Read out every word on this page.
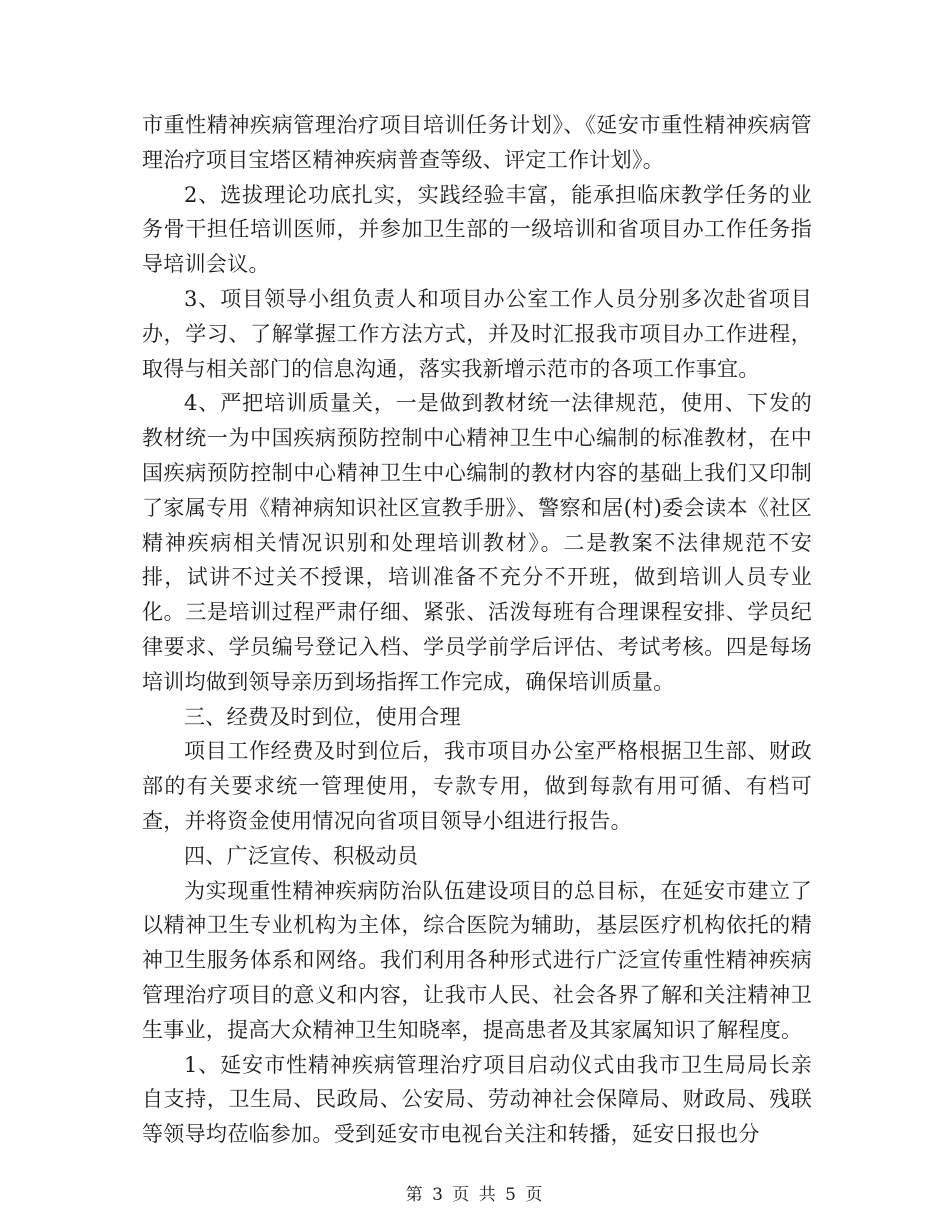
市重性精神疾病管理治疗项目培训任务计划》、《延安市重性精神疾病管理治疗项目宝塔区精神疾病普查等级、评定工作计划》。

2、选拔理论功底扎实，实践经验丰富，能承担临床教学任务的业务骨干担任培训医师，并参加卫生部的一级培训和省项目办工作任务指导培训会议。

3、项目领导小组负责人和项目办公室工作人员分别多次赴省项目办，学习、了解掌握工作方法方式，并及时汇报我市项目办工作进程，取得与相关部门的信息沟通，落实我新增示范市的各项工作事宜。

4、严把培训质量关，一是做到教材统一法律规范，使用、下发的教材统一为中国疾病预防控制中心精神卫生中心编制的标准教材，在中国疾病预防控制中心精神卫生中心编制的教材内容的基础上我们又印制了家属专用《精神病知识社区宣教手册》、警察和居(村)委会读本《社区精神疾病相关情况识别和处理培训教材》。二是教案不法律规范不安排，试讲不过关不授课，培训准备不充分不开班，做到培训人员专业化。三是培训过程严肃仔细、紧张、活泼每班有合理课程安排、学员纪律要求、学员编号登记入档、学员学前学后评估、考试考核。四是每场培训均做到领导亲历到场指挥工作完成，确保培训质量。

三、经费及时到位，使用合理

项目工作经费及时到位后，我市项目办公室严格根据卫生部、财政部的有关要求统一管理使用，专款专用，做到每款有用可循、有档可查，并将资金使用情况向省项目领导小组进行报告。

四、广泛宣传、积极动员

为实现重性精神疾病防治队伍建设项目的总目标，在延安市建立了以精神卫生专业机构为主体，综合医院为辅助，基层医疗机构依托的精神卫生服务体系和网络。我们利用各种形式进行广泛宣传重性精神疾病管理治疗项目的意义和内容，让我市人民、社会各界了解和关注精神卫生事业，提高大众精神卫生知晓率，提高患者及其家属知识了解程度。

1、延安市性精神疾病管理治疗项目启动仪式由我市卫生局局长亲自支持，卫生局、民政局、公安局、劳动神社会保障局、财政局、残联等领导均莅临参加。受到延安市电视台关注和转播，延安日报也分

第 3 页 共 5 页
